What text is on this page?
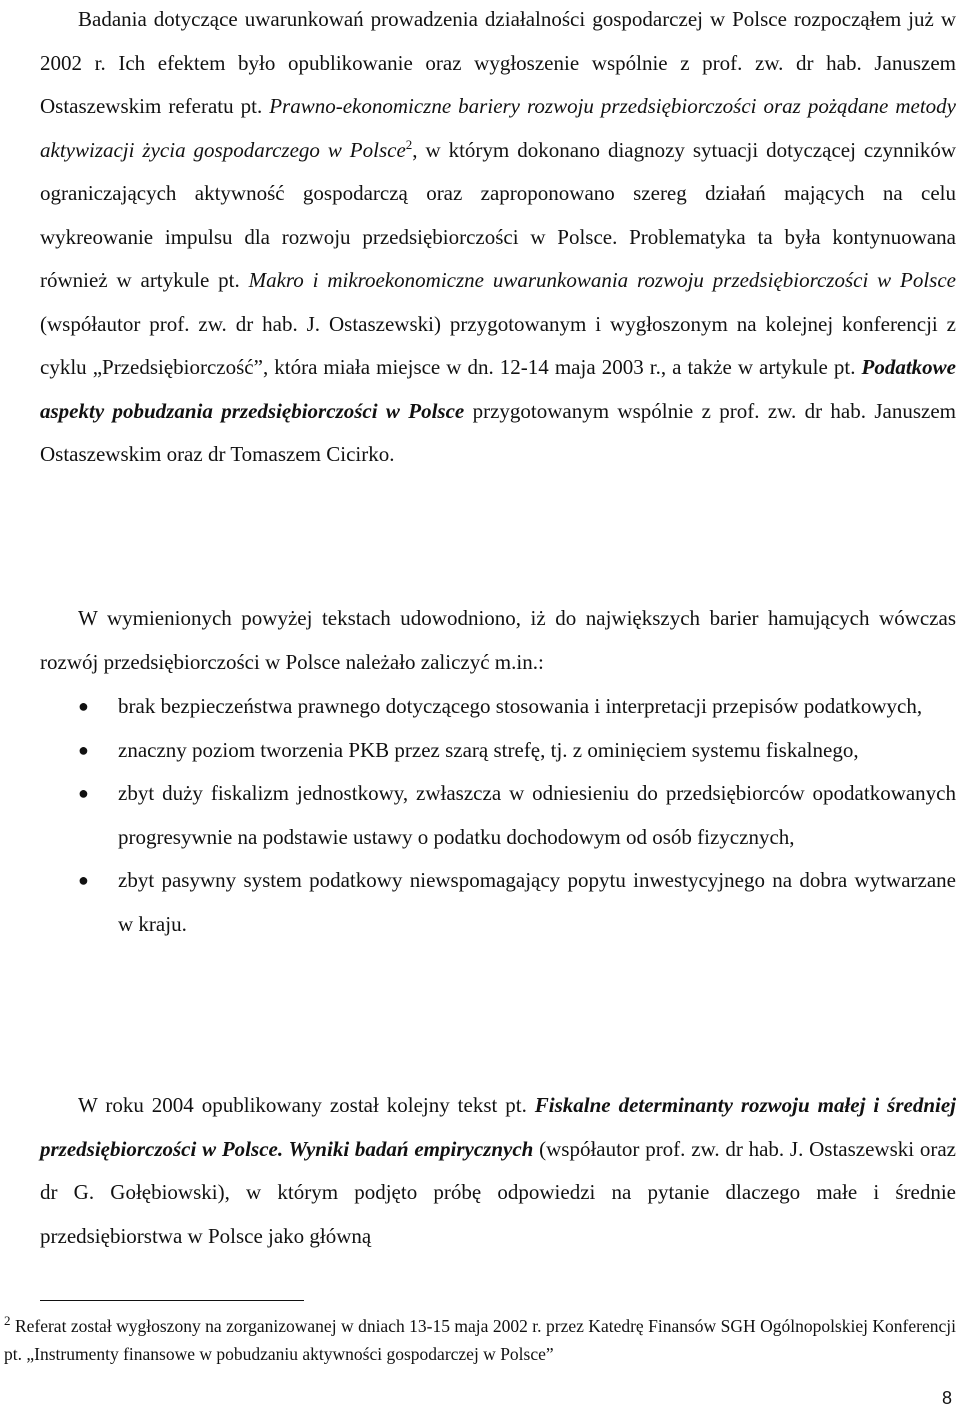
Badania dotyczące uwarunkowań prowadzenia działalności gospodarczej w Polsce rozpocząłem już w 2002 r. Ich efektem było opublikowanie oraz wygłoszenie wspólnie z prof. zw. dr hab. Januszem Ostaszewskim referatu pt. Prawno-ekonomiczne bariery rozwoju przedsiębiorczości oraz pożądane metody aktywizacji życia gospodarczego w Polsce$^2$, w którym dokonano diagnozy sytuacji dotyczącej czynników ograniczających aktywność gospodarczą oraz zaproponowano szereg działań mających na celu wykreowanie impulsu dla rozwoju przedsiębiorczości w Polsce. Problematyka ta była kontynuowana również w artykule pt. Makro i mikroekonomiczne uwarunkowania rozwoju przedsiębiorczości w Polsce (współautor prof. zw. dr hab. J. Ostaszewski) przygotowanym i wygłoszonym na kolejnej konferencji z cyklu „Przedsiębiorczość”, która miała miejsce w dn. 12-14 maja 2003 r., a także w artykule pt. Podatkowe aspekty pobudzania przedsiębiorczości w Polsce przygotowanym wspólnie z prof. zw. dr hab. Januszem Ostaszewskim oraz dr Tomaszem Cicirko.

W wymienionych powyżej tekstach udowodniono, iż do największych barier hamujących wówczas rozwój przedsiębiorczości w Polsce należało zaliczyć m.in.:

● brak bezpieczeństwa prawnego dotyczącego stosowania i interpretacji przepisów podatkowych,
● znaczny poziom tworzenia PKB przez szarą strefę, tj. z ominięciem systemu fiskalnego,
● zbyt duży fiskalizm jednostkowy, zwłaszcza w odniesieniu do przedsiębiorców opodatkowanych progresywnie na podstawie ustawy o podatku dochodowym od osób fizycznych,
● zbyt pasywny system podatkowy niewspomagający popytu inwestycyjnego na dobra wytwarzane w kraju.

W roku 2004 opublikowany został kolejny tekst pt. Fiskalne determinanty rozwoju małej i średniej przedsiębiorczości w Polsce. Wyniki badań empirycznych (współautor prof. zw. dr hab. J. Ostaszewski oraz dr G. Gołębiowski), w którym podjęto próbę odpowiedzi na pytanie dlaczego małe i średnie przedsiębiorstwa w Polsce jako główną

$^2$ Referat został wygłoszony na zorganizowanej w dniach 13-15 maja 2002 r. przez Katedrę Finansów SGH Ogólnopolskiej Konferencji pt. „Instrumenty finansowe w pobudzaniu aktywności gospodarczej w Polsce”

8
